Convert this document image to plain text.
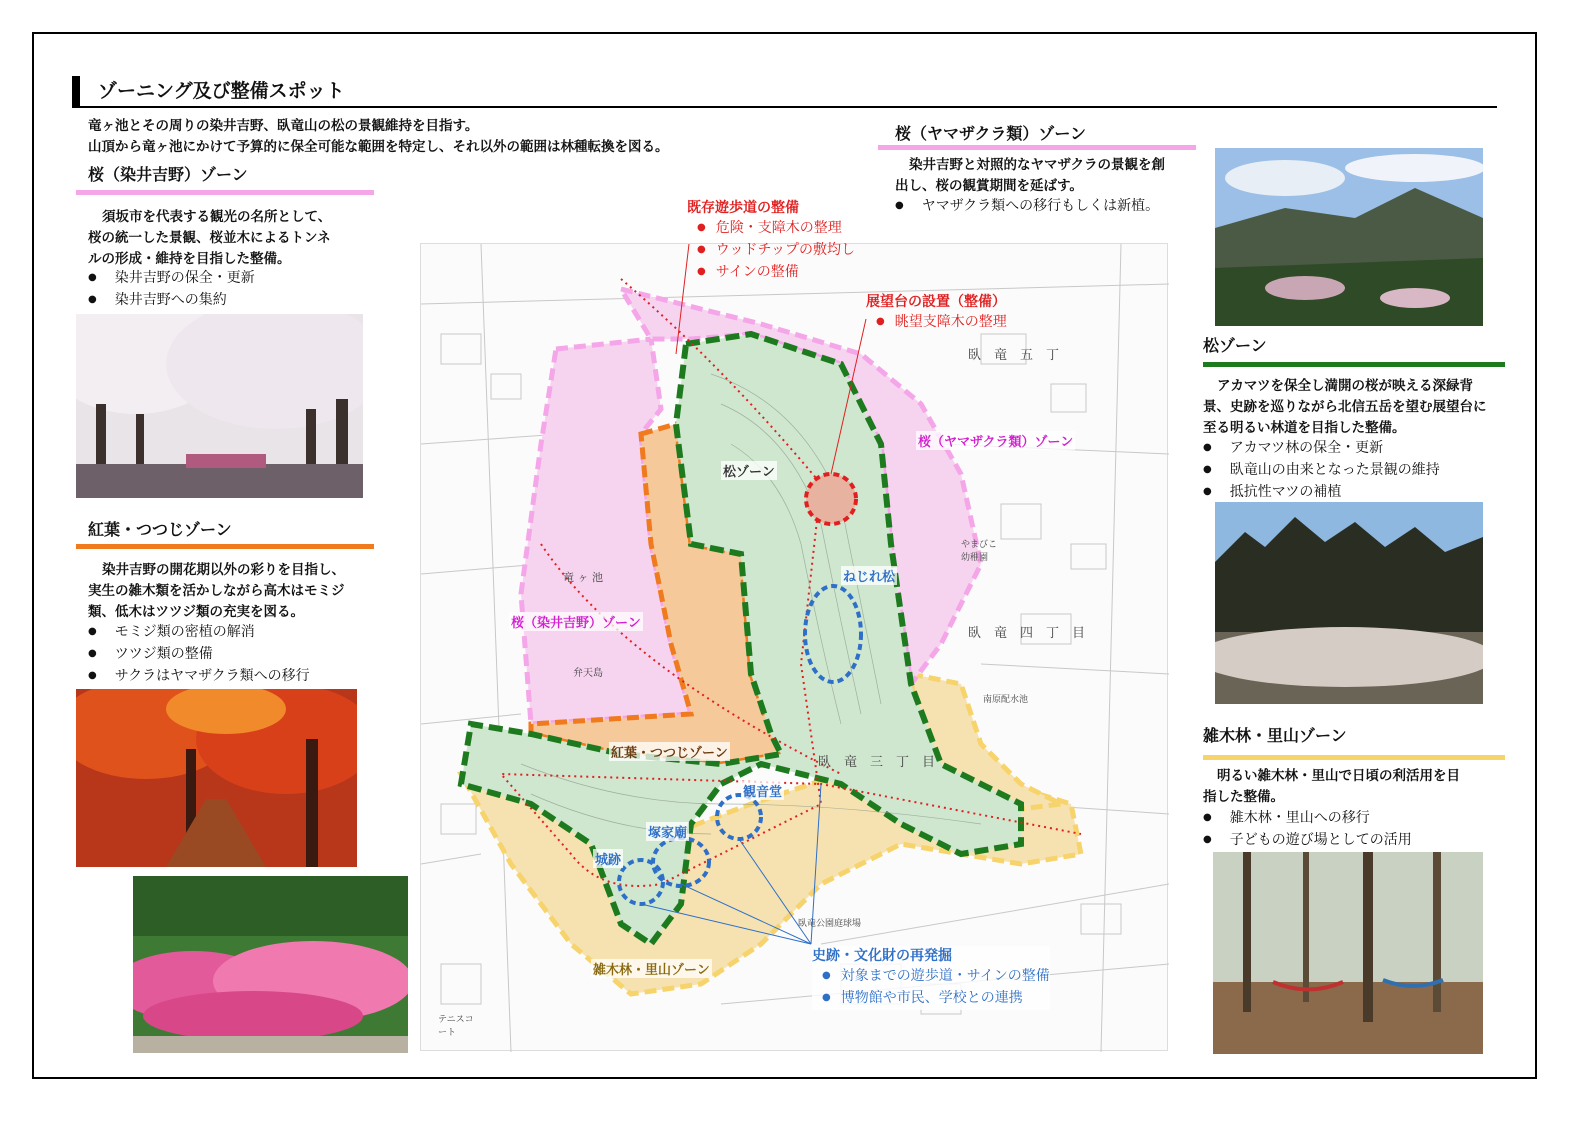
ゾーニング及び整備スポット
竜ヶ池とその周りの染井吉野、臥竜山の松の景観維持を目指す。
山頂から竜ヶ池にかけて予算的に保全可能な範囲を特定し、それ以外の範囲は林種転換を図る。
桜（染井吉野）ゾーン
須坂市を代表する観光の名所として、
桜の統一した景観、桜並木によるトンネ
ルの形成・維持を目指した整備。
● 染井吉野の保全・更新
● 染井吉野への集約
紅葉・つつじゾーン
染井吉野の開花期以外の彩りを目指し、
実生の雑木類を活かしながら高木はモミジ
類、低木はツツジ類の充実を図る。
● モミジ類の密植の解消
● ツツジ類の整備
● サクラはヤマザクラ類への移行
桜（ヤマザクラ類）ゾーン
染井吉野と対照的なヤマザクラの景観を創
出し、桜の観賞期間を延ばす。
● ヤマザクラ類への移行もしくは新植。
松ゾーン
アカマツを保全し満開の桜が映える深緑背
景、史跡を巡りながら北信五岳を望む展望台に
至る明るい林道を目指した整備。
● アカマツ林の保全・更新
● 臥竜山の由来となった景観の維持
● 抵抗性マツの補植
雑木林・里山ゾーン
明るい雑木林・里山で日頃の利活用を目
指した整備。
● 雑木林・里山への移行
● 子どもの遊び場としての活用
松ゾーン
桜（ヤマザクラ類）ゾーン
桜（染井吉野）ゾーン
紅葉・つつじゾーン
雑木林・里山ゾーン
ねじれ松
観音堂
塚家廟
城跡
竜 ヶ 池
弁天島
臥　竜　五　丁
臥　竜　四　丁　目
臥　竜　三　丁　目
やまびこ幼稚園
南原配水池
テニスコート
臥竜公園庭球場
既存遊歩道の整備
● 危険・支障木の整理
● ウッドチップの敷均し
● サインの整備
展望台の設置（整備）
● 眺望支障木の整理
史跡・文化財の再発掘
● 対象までの遊歩道・サインの整備
● 博物館や市民、学校との連携
